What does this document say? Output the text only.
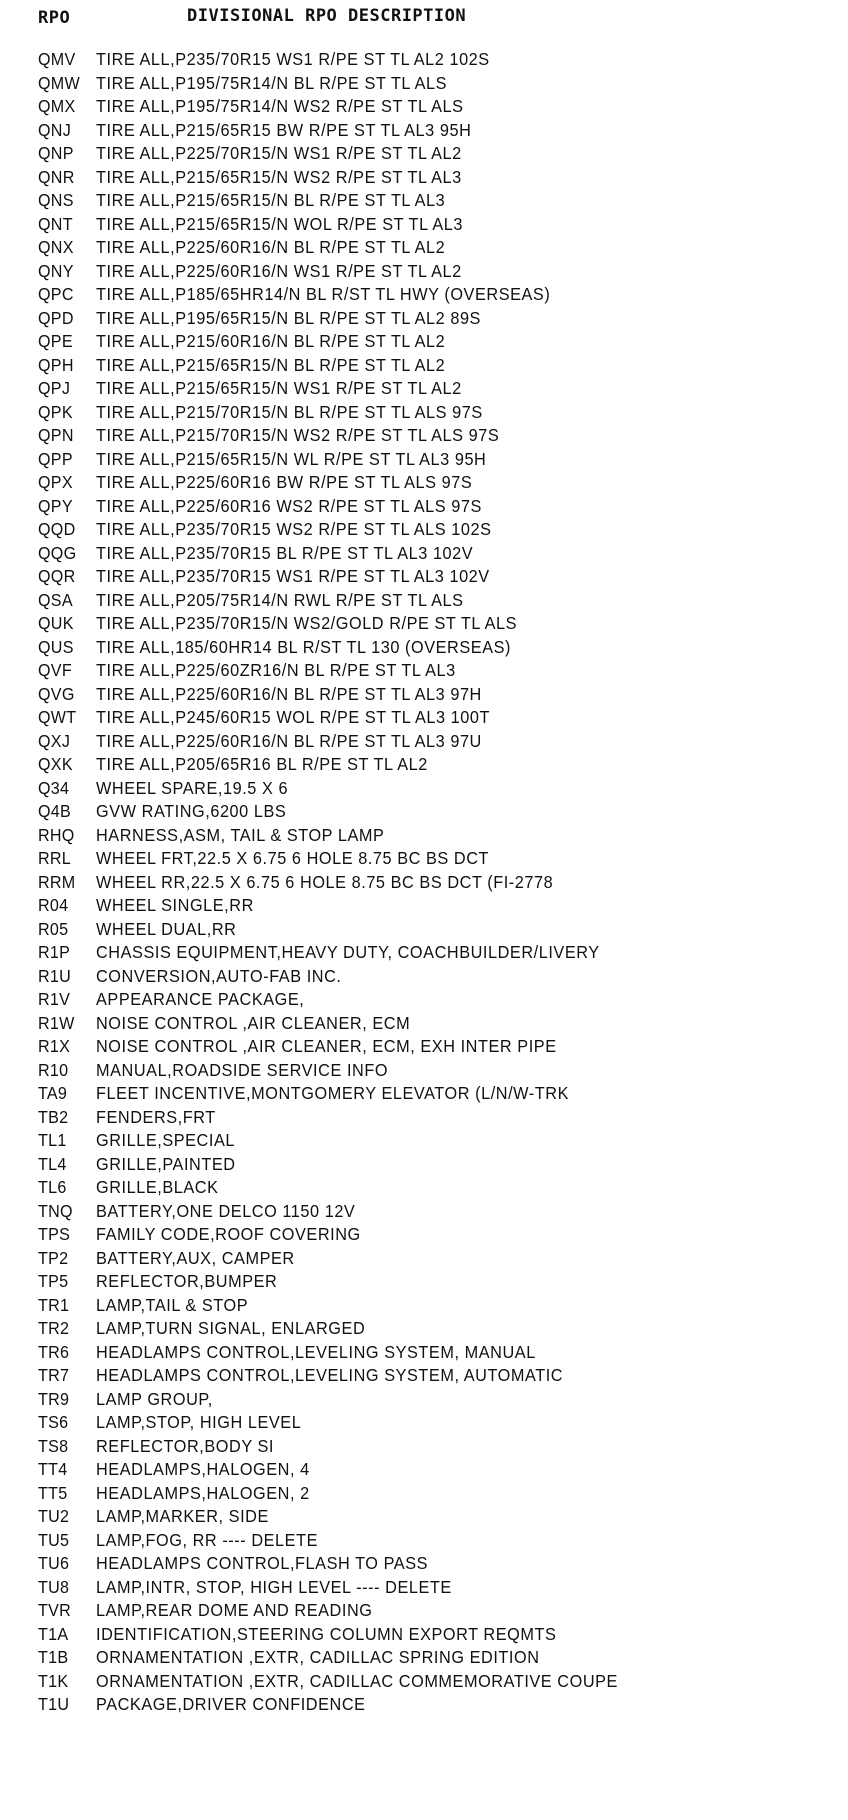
RPO	DIVISIONAL RPO DESCRIPTION
QMV	TIRE ALL,P235/70R15 WS1 R/PE ST TL AL2 102S
QMW TIRE ALL,P195/75R14/N BL R/PE ST TL ALS
QMX	TIRE ALL,P195/75R14/N WS2 R/PE ST TL ALS
QNJ	TIRE ALL,P215/65R15 BW R/PE ST TL AL3 95H
QNP	TIRE ALL,P225/70R15/N WS1 R/PE ST TL AL2
QNR	TIRE ALL,P215/65R15/N WS2 R/PE ST TL AL3
QNS	TIRE ALL,P215/65R15/N BL R/PE ST TL AL3
QNT	TIRE ALL,P215/65R15/N WOL R/PE ST TL AL3
QNX	TIRE ALL,P225/60R16/N BL R/PE ST TL AL2
QNY	TIRE ALL,P225/60R16/N WS1 R/PE ST TL AL2
QPC	TIRE ALL,P185/65HR14/N BL R/ST TL HWY (OVERSEAS)
QPD	TIRE ALL,P195/65R15/N BL R/PE ST TL AL2 89S
QPE	TIRE ALL,P215/60R16/N BL R/PE ST TL AL2
QPH	TIRE ALL,P215/65R15/N BL R/PE ST TL AL2
QPJ	TIRE ALL,P215/65R15/N WS1 R/PE ST TL AL2
QPK	TIRE ALL,P215/70R15/N BL R/PE ST TL ALS 97S
QPN	TIRE ALL,P215/70R15/N WS2 R/PE ST TL ALS 97S
QPP	TIRE ALL,P215/65R15/N WL R/PE ST TL AL3 95H
QPX	TIRE ALL,P225/60R16 BW R/PE ST TL ALS 97S
QPY	TIRE ALL,P225/60R16 WS2 R/PE ST TL ALS 97S
QQD	TIRE ALL,P235/70R15 WS2 R/PE ST TL ALS 102S
QQG	TIRE ALL,P235/70R15 BL R/PE ST TL AL3 102V
QQR	TIRE ALL,P235/70R15 WS1 R/PE ST TL AL3 102V
QSA	TIRE ALL,P205/75R14/N RWL R/PE ST TL ALS
QUK	TIRE ALL,P235/70R15/N WS2/GOLD R/PE ST TL ALS
QUS	TIRE ALL,185/60HR14 BL R/ST TL 130 (OVERSEAS)
QVF	TIRE ALL,P225/60ZR16/N BL R/PE ST TL AL3
QVG	TIRE ALL,P225/60R16/N BL R/PE ST TL AL3 97H
QWT	TIRE ALL,P245/60R15 WOL R/PE ST TL AL3 100T
QXJ	TIRE ALL,P225/60R16/N BL R/PE ST TL AL3 97U
QXK	TIRE ALL,P205/65R16 BL R/PE ST TL AL2
Q34	WHEEL SPARE,19.5 X 6
Q4B	GVW RATING,6200 LBS
RHQ	HARNESS,ASM, TAIL & STOP LAMP
RRL	WHEEL FRT,22.5 X 6.75 6 HOLE 8.75 BC BS DCT
RRM	WHEEL RR,22.5 X 6.75 6 HOLE 8.75 BC BS DCT (FI-2778
R04	WHEEL SINGLE,RR
R05	WHEEL DUAL,RR
R1P	CHASSIS EQUIPMENT,HEAVY DUTY, COACHBUILDER/LIVERY
R1U	CONVERSION,AUTO-FAB INC.
R1V	APPEARANCE PACKAGE,
R1W	NOISE CONTROL ,AIR CLEANER, ECM
R1X	NOISE CONTROL ,AIR CLEANER, ECM, EXH INTER PIPE
R10	MANUAL,ROADSIDE SERVICE INFO
TA9	FLEET INCENTIVE,MONTGOMERY ELEVATOR (L/N/W-TRK
TB2	FENDERS,FRT
TL1	GRILLE,SPECIAL
TL4	GRILLE,PAINTED
TL6	GRILLE,BLACK
TNQ	BATTERY,ONE DELCO 1150 12V
TPS	FAMILY CODE,ROOF COVERING
TP2	BATTERY,AUX, CAMPER
TP5	REFLECTOR,BUMPER
TR1	LAMP,TAIL & STOP
TR2	LAMP,TURN SIGNAL, ENLARGED
TR6	HEADLAMPS CONTROL,LEVELING SYSTEM, MANUAL
TR7	HEADLAMPS CONTROL,LEVELING SYSTEM, AUTOMATIC
TR9	LAMP GROUP,
TS6	LAMP,STOP, HIGH LEVEL
TS8	REFLECTOR,BODY SI
TT4	HEADLAMPS,HALOGEN, 4
TT5	HEADLAMPS,HALOGEN, 2
TU2	LAMP,MARKER, SIDE
TU5	LAMP,FOG, RR ---- DELETE
TU6	HEADLAMPS CONTROL,FLASH TO PASS
TU8	LAMP,INTR, STOP, HIGH LEVEL ---- DELETE
TVR	LAMP,REAR DOME AND READING
T1A	IDENTIFICATION,STEERING COLUMN EXPORT REQMTS
T1B	ORNAMENTATION ,EXTR, CADILLAC SPRING EDITION
T1K	ORNAMENTATION ,EXTR, CADILLAC COMMEMORATIVE COUPE
T1U	PACKAGE,DRIVER CONFIDENCE
